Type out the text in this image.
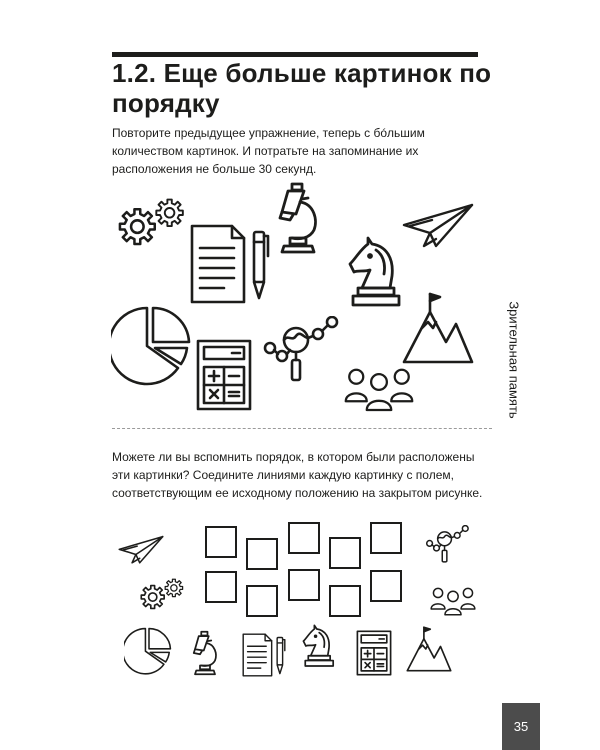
1.2. Еще больше картинок по порядку

Повторите предыдущее упражнение, теперь с бóльшим количеством картинок. И потратьте на запоминание их расположения не больше 30 секунд.

Можете ли вы вспомнить порядок, в котором были расположены эти картинки? Соедините линиями каждую картинку с полем, соответствующим ее исходному положению на закрытом рисунке.

Зрительная память
35
